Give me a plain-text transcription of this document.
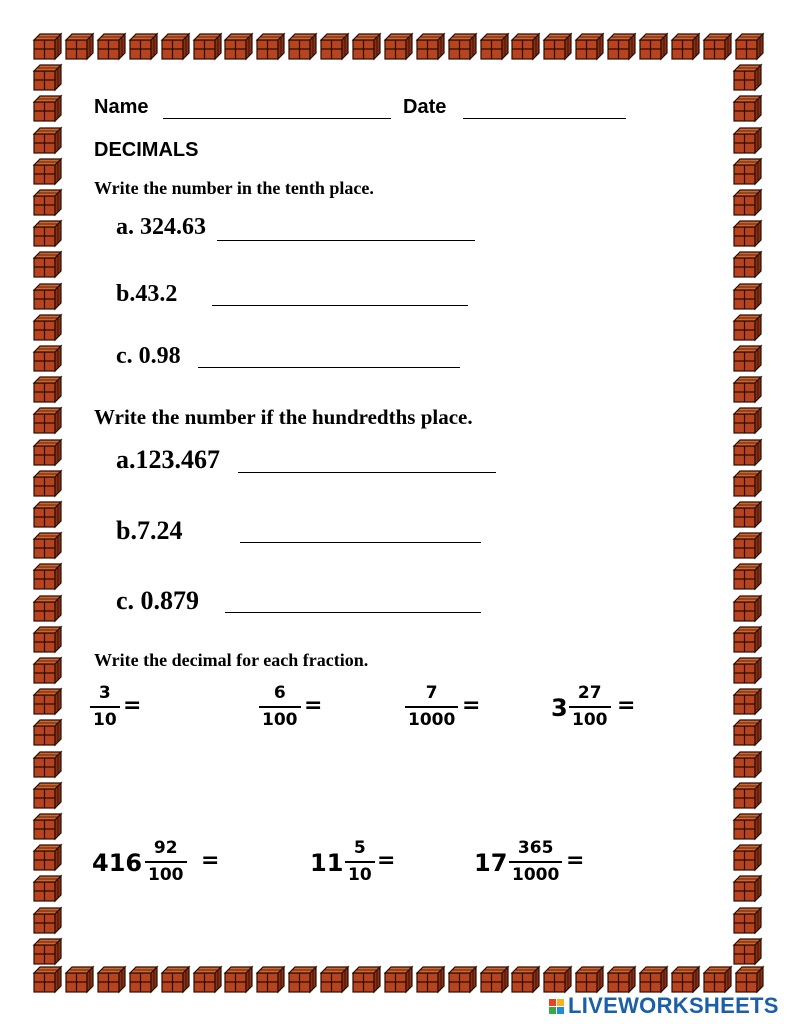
Name	Date
DECIMALS
Write the number in the tenth place.
a. 324.63
b.43.2
c. 0.98
Write the number if the hundredths place.
a.123.467
b.7.24
c. 0.879
Write the decimal for each fraction.
3
10
=	6
100
=	7
1000
=	3
27
100
=
416
92
100
=	11
5
10
=	17
365
1000
=
LIVEWORKSHEETS
